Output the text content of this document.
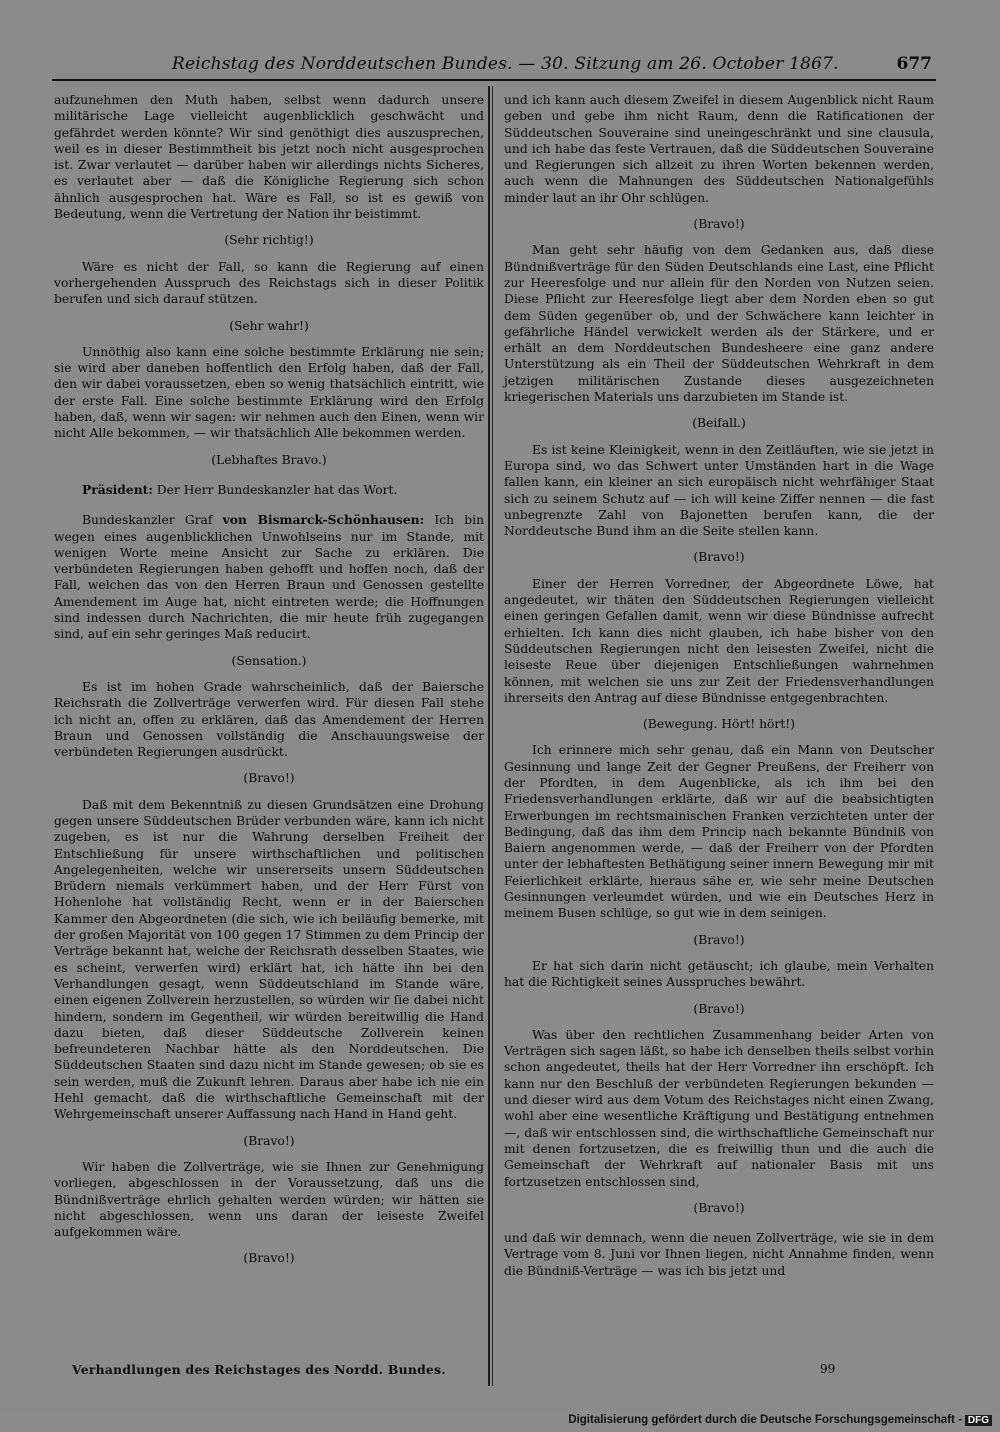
Reichstag des Norddeutschen Bundes. — 30. Sitzung am 26. October 1867.	677

aufzunehmen den Muth haben, selbst wenn dadurch unsere militärische Lage vielleicht augenblicklich geschwächt und gefährdet werden könnte? Wir sind genöthigt dies auszusprechen, weil es in dieser Bestimmtheit bis jetzt noch nicht ausgesprochen ist. Zwar verlautet — darüber haben wir allerdings nichts Sicheres, es verlautet aber — daß die Königliche Regierung sich schon ähnlich ausgesprochen hat. Wäre es Fall, so ist es gewiß von Bedeutung, wenn die Vertretung der Nation ihr beistimmt.

(Sehr richtig!)

Wäre es nicht der Fall, so kann die Regierung auf einen vorhergehenden Ausspruch des Reichstags sich in dieser Politik berufen und sich darauf stützen.

(Sehr wahr!)

Unnöthig also kann eine solche bestimmte Erklärung nie sein; sie wird aber daneben hoffentlich den Erfolg haben, daß der Fall, den wir dabei voraussetzen, eben so wenig thatsächlich eintritt, wie der erste Fall. Eine solche bestimmte Erklärung wird den Erfolg haben, daß, wenn wir sagen: wir nehmen auch den Einen, wenn wir nicht Alle bekommen, — wir thatsächlich Alle bekommen werden.

(Lebhaftes Bravo.)

Präsident: Der Herr Bundeskanzler hat das Wort.

Bundeskanzler Graf von Bismarck-Schönhausen: Ich bin wegen eines augenblicklichen Unwohlseins nur im Stande, mit wenigen Worte meine Ansicht zur Sache zu erklären. Die verbündeten Regierungen haben gehofft und hoffen noch, daß der Fall, welchen das von den Herren Braun und Genossen gestellte Amendement im Auge hat, nicht eintreten werde; die Hoffnungen sind indessen durch Nachrichten, die mir heute früh zugegangen sind, auf ein sehr geringes Maß reducirt.

(Sensation.)

Es ist im hohen Grade wahrscheinlich, daß der Baiersche Reichsrath die Zollverträge verwerfen wird. Für diesen Fall stehe ich nicht an, offen zu erklären, daß das Amendement der Herren Braun und Genossen vollständig die Anschauungsweise der verbündeten Regierungen ausdrückt.

(Bravo!)

Daß mit dem Bekenntniß zu diesen Grundsätzen eine Drohung gegen unsere Süddeutschen Brüder verbunden wäre, kann ich nicht zugeben, es ist nur die Wahrung derselben Freiheit der Entschließung für unsere wirthschaftlichen und politischen Angelegenheiten, welche wir unsererseits unsern Süddeutschen Brüdern niemals verkümmert haben, und der Herr Fürst von Hohenlohe hat vollständig Recht, wenn er in der Baierschen Kammer den Abgeordneten (die sich, wie ich beiläufig bemerke, mit der großen Majorität von 100 gegen 17 Stimmen zu dem Princip der Verträge bekannt hat, welche der Reichsrath desselben Staates, wie es scheint, verwerfen wird) erklärt hat, ich hätte ihn bei den Verhandlungen gesagt, wenn Süddeutschland im Stande wäre, einen eigenen Zollverein herzustellen, so würden wir ſie dabei nicht hindern, sondern im Gegentheil, wir würden bereitwillig die Hand dazu bieten, daß dieser Süddeutsche Zollverein keinen befreundeteren Nachbar hätte als den Norddeutschen. Die Süddeutschen Staaten sind dazu nicht im Stande gewesen; ob sie es sein werden, muß die Zukunft lehren. Daraus aber habe ich nie ein Hehl gemacht, daß die wirthschaftliche Gemeinschaft mit der Wehrgemeinschaft unserer Auffassung nach Hand in Hand geht.

(Bravo!)

Wir haben die Zollverträge, wie sie Ihnen zur Genehmigung vorliegen, abgeschlossen in der Voraussetzung, daß uns die Bündnißverträge ehrlich gehalten werden würden; wir hätten sie nicht abgeschlossen, wenn uns daran der leiseste Zweifel aufgekommen wäre.

(Bravo!)

und ich kann auch diesem Zweifel in diesem Augenblick nicht Raum geben und gebe ihm nicht Raum, denn die Ratificationen der Süddeutschen Souveraine sind uneingeschränkt und sine clausula, und ich habe das feste Vertrauen, daß die Süddeutschen Souveraine und Regierungen sich allzeit zu ihren Worten bekennen werden, auch wenn die Mahnungen des Süddeutschen Nationalgefühls minder laut an ihr Ohr schlügen.

(Bravo!)

Man geht sehr häufig von dem Gedanken aus, daß diese Bündnißverträge für den Süden Deutschlands eine Last, eine Pflicht zur Heeresfolge und nur allein für den Norden von Nutzen seien. Diese Pflicht zur Heeresfolge liegt aber dem Norden eben so gut dem Süden gegenüber ob, und der Schwächere kann leichter in gefährliche Händel verwickelt werden als der Stärkere, und er erhält an dem Norddeutschen Bundesheere eine ganz andere Unterstützung als ein Theil der Süddeutschen Wehrkraft in dem jetzigen militärischen Zustande dieses ausgezeichneten kriegerischen Materials uns darzubieten im Stande ist.

(Beifall.)

Es ist keine Kleinigkeit, wenn in den Zeitläuften, wie sie jetzt in Europa sind, wo das Schwert unter Umständen hart in die Wage fallen kann, ein kleiner an sich europäisch nicht wehrfähiger Staat sich zu seinem Schutz auf — ich will keine Ziffer nennen — die fast unbegrenzte Zahl von Bajonetten berufen kann, die der Norddeutsche Bund ihm an die Seite stellen kann.

(Bravo!)

Einer der Herren Vorredner, der Abgeordnete Löwe, hat angedeutet, wir thäten den Süddeutschen Regierungen vielleicht einen geringen Gefallen damit, wenn wir diese Bündnisse aufrecht erhielten. Ich kann dies nicht glauben, ich habe bisher von den Süddeutschen Regierungen nicht den leisesten Zweifel, nicht die leiseste Reue über diejenigen Entschließungen wahrnehmen können, mit welchen sie uns zur Zeit der Friedensverhandlungen ihrerseits den Antrag auf diese Bündnisse entgegenbrachten.

(Bewegung. Hört! hört!)

Ich erinnere mich sehr genau, daß ein Mann von Deutscher Gesinnung und lange Zeit der Gegner Preußens, der Freiherr von der Pfordten, in dem Augenblicke, als ich ihm bei den Friedensverhandlungen erklärte, daß wir auf die beabsichtigten Erwerbungen im rechtsmainischen Franken verzichteten unter der Bedingung, daß das ihm dem Princip nach bekannte Bündniß von Baiern angenommen werde, — daß der Freiherr von der Pfordten unter der lebhaftesten Bethätigung seiner innern Bewegung mir mit Feierlichkeit erklärte, hieraus sähe er, wie sehr meine Deutschen Gesinnungen verleumdet würden, und wie ein Deutsches Herz in meinem Busen schlüge, so gut wie in dem seinigen.

(Bravo!)

Er hat sich darin nicht getäuscht; ich glaube, mein Verhalten hat die Richtigkeit seines Ausspruches bewährt.

(Bravo!)

Was über den rechtlichen Zusammenhang beider Arten von Verträgen sich sagen läßt, so habe ich denselben theils selbst vorhin schon angedeutet, theils hat der Herr Vorredner ihn erschöpft. Ich kann nur den Beschluß der verbündeten Regierungen bekunden — und dieser wird aus dem Votum des Reichstages nicht einen Zwang, wohl aber eine wesentliche Kräftigung und Bestätigung entnehmen —, daß wir entschlossen sind, die wirthschaftliche Gemeinschaft nur mit denen fortzusetzen, die es freiwillig thun und die auch die Gemeinschaft der Wehrkraft auf nationaler Basis mit uns fortzusetzen entschlossen sind,

(Bravo!)

und daß wir demnach, wenn die neuen Zollverträge, wie sie in dem Vertrage vom 8. Juni vor Ihnen liegen, nicht Annahme finden, wenn die Bündniß-Verträge — was ich bis jetzt und

Verhandlungen des Reichstages des Nordd. Bundes.	99
Digitalisierung gefördert durch die Deutsche Forschungsgemeinschaft - DFG
